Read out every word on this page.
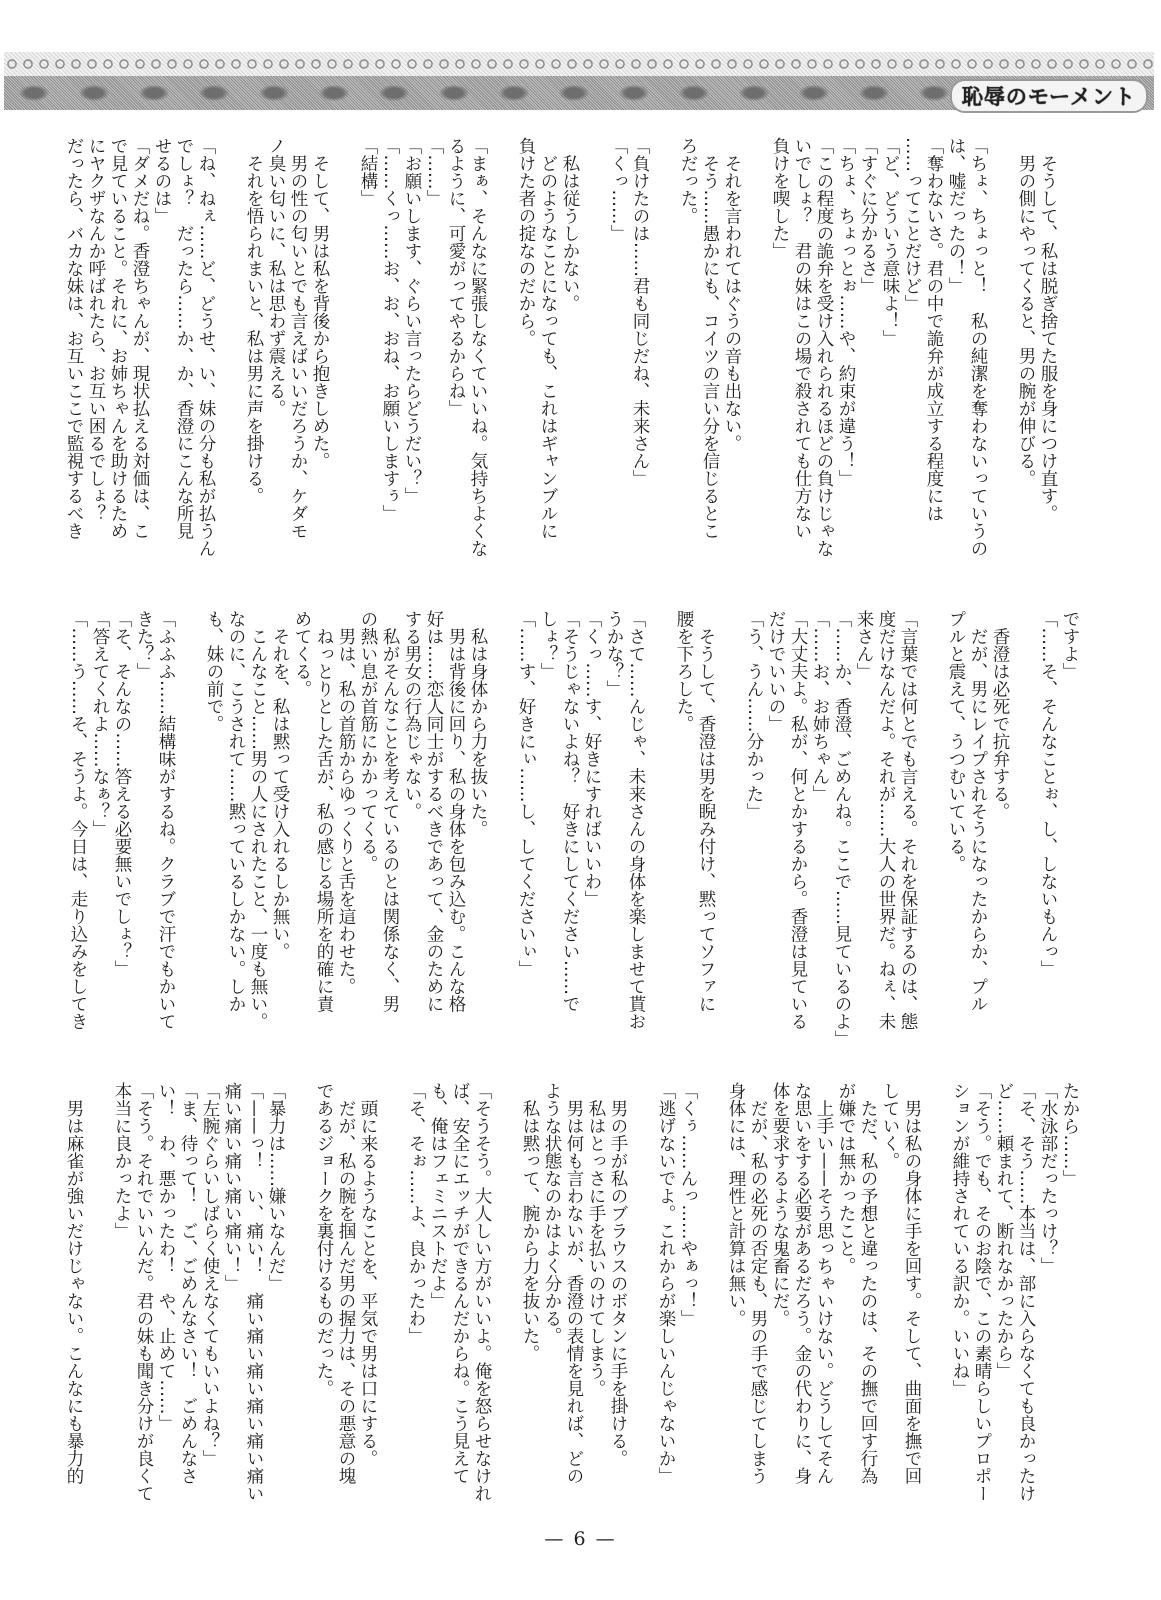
恥辱のモーメント
　そうして、私は脱ぎ捨てた服を身につけ直す。
　男の側にやってくると、男の腕が伸びる。
「ちょ、ちょっと！　私の純潔を奪わないっていうの
は、嘘だったの！」
「奪わないさ。君の中で詭弁が成立する程度には
……ってことだけど」
「ど、どういう意味よ！」
「すぐに分かるさ」
「ちょ、ちょっとぉ……や、約束が違う！」
「この程度の詭弁を受け入れられるほどの負けじゃな
いでしょ？　君の妹はこの場で殺されても仕方ない
負けを喫した」
　それを言われてはぐうの音も出ない。
　そう……愚かにも、コイツの言い分を信じるとこ
ろだった。
「負けたのは……君も同じだね、未来さん」
「くっ……」
　私は従うしかない。
　どのようなことになっても、これはギャンブルに
負けた者の掟なのだから。
「まぁ、そんなに緊張しなくていいね。気持ちよくな
るように、可愛がってやるからね」
「……」
「お願いします、ぐらい言ったらどうだい？」
「……くっ……お、お、おね、お願いしますぅ」
「結構」
　そして、男は私を背後から抱きしめた。
　男の性の匂いとでも言えばいいだろうか、ケダモ
ノ臭い匂いに、私は思わず震える。
　それを悟られまいと、私は男に声を掛ける。
「ね、ねぇ……ど、どうせ、い、妹の分も私が払うん
でしょ？　だったら……か、か、香澄にこんな所見
せるのは」
「ダメだね。香澄ちゃんが、現状払える対価は、こ
で見ていること。それに、お姉ちゃんを助けるため
にヤクザなんか呼ばれたら、お互い困るでしょ？
だったら、バカな妹は、お互いここで監視するべき
ですよ」
「……そ、そんなことぉ、し、しないもんっ」
　香澄は必死で抗弁する。
　だが、男にレイプされそうになったからか、プル
プルと震えて、うつむいている。
「言葉では何とでも言える。それを保証するのは、態
度だけなんだよ。それが……大人の世界だ。ねぇ、未
来さん」
「……か、香澄、ごめんね。ここで……見ているのよ」
「……お、お姉ちゃん」
「大丈夫よ。私が、何とかするから。香澄は見ている
だけでいいの」
「う、うん……分かった」
　そうして、香澄は男を睨み付け、黙ってソファに
腰を下ろした。
「さて……んじゃ、未来さんの身体を楽しませて貰お
うかな？」
「くっ……す、好きにすればいいわ」
「そうじゃないよね？　好きにしてください……で
しょ？」
「……す、好きにぃ……し、してくださいぃ」
　私は身体から力を抜いた。
　男は背後に回り、私の身体を包み込む。こんな格
好は……恋人同士がするべきであって、金のために
する男女の行為じゃない。
　私がそんなことを考えているのとは関係なく、男
の熱い息が首筋にかかってくる。
　男は、私の首筋からゆっくりと舌を這わせた。
　ねっとりとした舌が、私の感じる場所を的確に責
めてくる。
　それを、私は黙って受け入れるしか無い。
　こんなこと……男の人にされたこと、一度も無い。
なのに、こうされて……黙っているしかない。しか
も、妹の前で。
「ふふふ……結構味がするね。クラブで汗でもかいて
きた？」
「そ、そんなの……答える必要無いでしょ？」
「答えてくれよ……なぁ？」
「……う……そ、そうよ。今日は、走り込みをしてき
たから……」
「水泳部だったっけ？」
「そ、そう……本当は、部に入らなくても良かったけ
ど……頼まれて、断れなかったから」
「そう。でも、そのお陰で、この素晴らしいプロポー
ションが維持されている訳か。いいね」
　男は私の身体に手を回す。そして、曲面を撫で回
していく。
　ただ、私の予想と違ったのは、その撫で回す行為
が嫌では無かったこと。
　上手い——そう思っちゃいけない。どうしてそん
な思いをする必要があるだろう。金の代わりに、身
体を要求するような鬼畜にだ。
　だが、私の必死の否定も、男の手で感じてしまう
身体には、理性と計算は無い。
「くぅ……んっ……やぁっ！」
「逃げないでよ。これからが楽しいんじゃないか」
　男の手が私のブラウスのボタンに手を掛ける。
　私はとっさに手を払いのけてしまう。
　男は何も言わないが、香澄の表情を見れば、どの
ような状態なのかはよく分かる。
　私は黙って、腕から力を抜いた。
「そうそう。大人しい方がいいよ。俺を怒らせなけれ
ば、安全にエッチができるんだからね。こう見えて
も、俺はフェミニストだよ」
「そ、そぉ……よ、良かったわ」
　頭に来るようなことを、平気で男は口にする。
　だが、私の腕を掴んだ男の握力は、その悪意の塊
であるジョークを裏付けるものだった。
「暴力は……嫌いなんだ」
「——っ！　い、痛い！　痛い痛い痛い痛い痛い痛い
痛い痛い痛い痛い痛い！」
「左腕ぐらいしばらく使えなくてもいいよね？」
「ま、待って！　ご、ごめんなさい！　ごめんなさ
い！　わ、悪かったわ！　や、止めて……」
「そう。それでいいんだ。君の妹も聞き分けが良くて
本当に良かったよ」
　男は麻雀が強いだけじゃない。こんなにも暴力的
— 6 —
